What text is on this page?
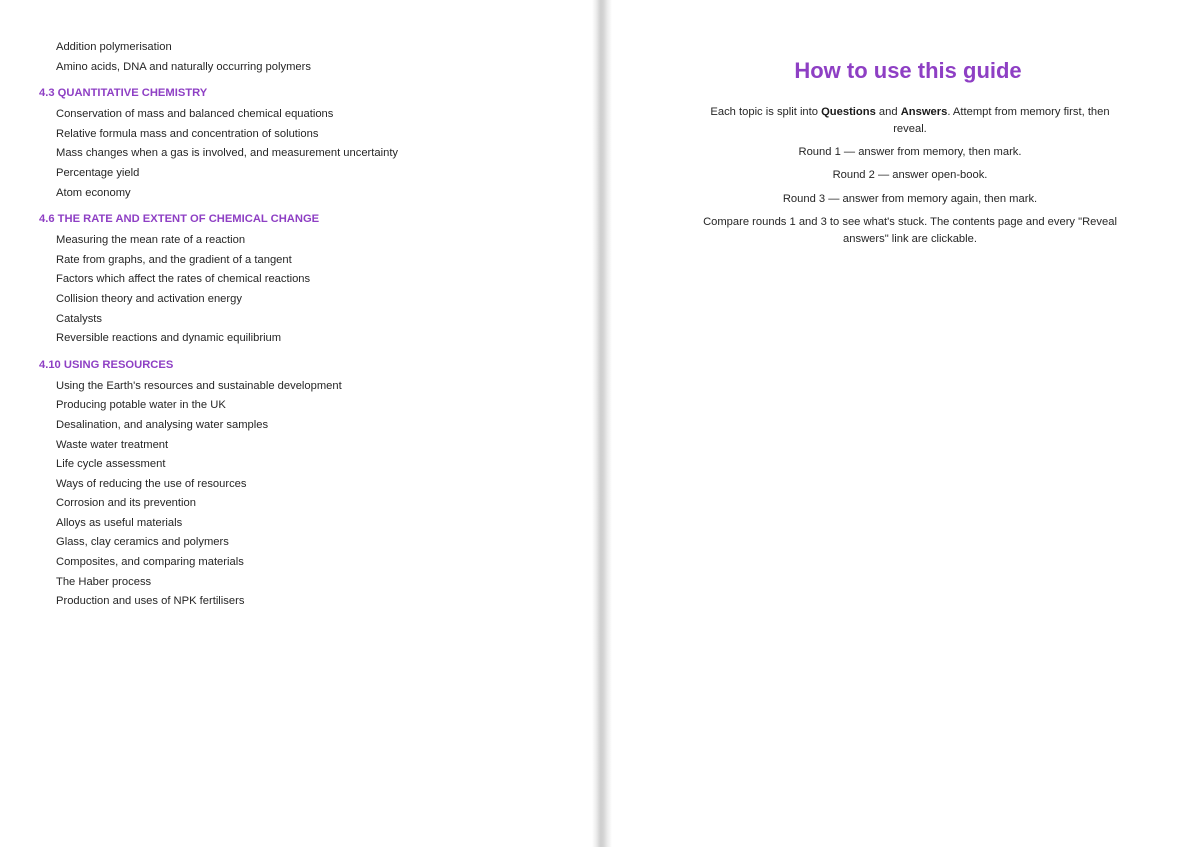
Addition polymerisation
Amino acids, DNA and naturally occurring polymers
4.3 QUANTITATIVE CHEMISTRY
Conservation of mass and balanced chemical equations
Relative formula mass and concentration of solutions
Mass changes when a gas is involved, and measurement uncertainty
Percentage yield
Atom economy
4.6 THE RATE AND EXTENT OF CHEMICAL CHANGE
Measuring the mean rate of a reaction
Rate from graphs, and the gradient of a tangent
Factors which affect the rates of chemical reactions
Collision theory and activation energy
Catalysts
Reversible reactions and dynamic equilibrium
4.10 USING RESOURCES
Using the Earth's resources and sustainable development
Producing potable water in the UK
Desalination, and analysing water samples
Waste water treatment
Life cycle assessment
Ways of reducing the use of resources
Corrosion and its prevention
Alloys as useful materials
Glass, clay ceramics and polymers
Composites, and comparing materials
The Haber process
Production and uses of NPK fertilisers
How to use this guide

Each topic is split into Questions and Answers. Attempt from memory first, then reveal.

Round 1 — answer from memory, then mark.

Round 2 — answer open-book.

Round 3 — answer from memory again, then mark.

Compare rounds 1 and 3 to see what's stuck. The contents page and every "Reveal answers" link are clickable.
